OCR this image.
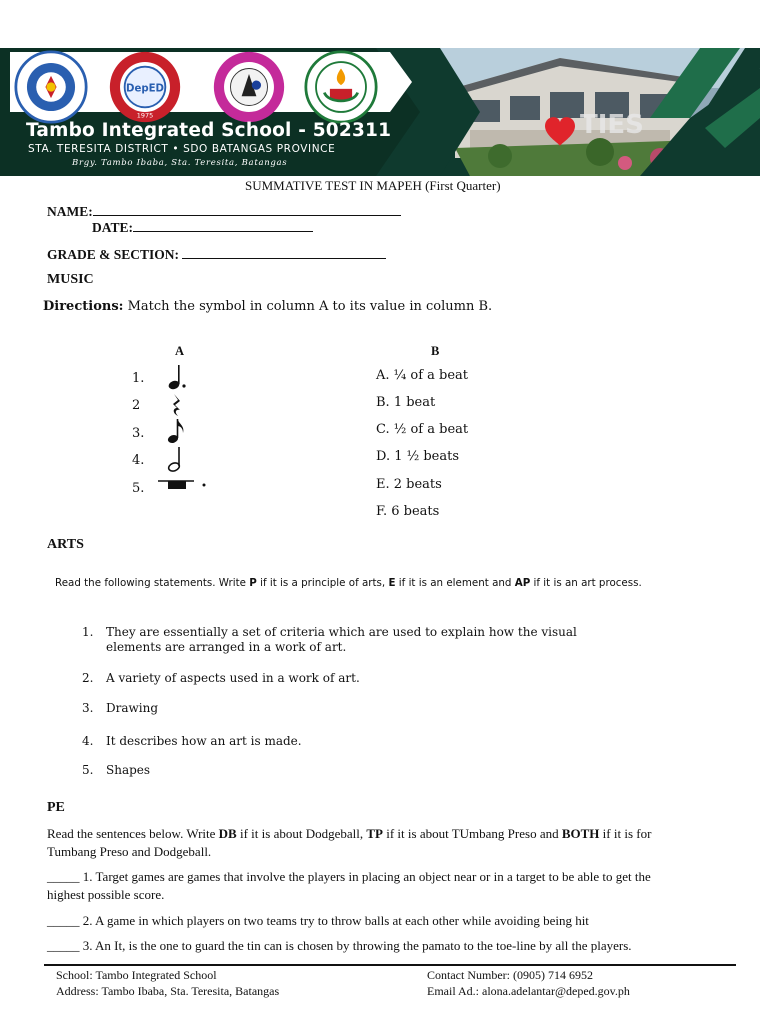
TIES
DepED
1975
Tambo Integrated School - 502311
STA. TERESITA DISTRICT • SDO BATANGAS PROVINCE
Brgy. Tambo Ibaba, Sta. Teresita, Batangas
SUMMATIVE TEST IN MAPEH (First Quarter)
NAME:
DATE:
GRADE & SECTION:
MUSIC
Directions: Match the symbol in column A to its value in column B.
A	B
1.
2
3.
4.
5.
A. ¼ of a beat
B. 1 beat
C. ½ of a beat
D. 1 ½ beats
E. 2 beats
F. 6 beats
ARTS
Read the following statements. Write P if it is a principle of arts, E if it is an element and AP if it is an art process.
1. They are essentially a set of criteria which are used to explain how the visual
elements are arranged in a work of art.
2. A variety of aspects used in a work of art.
3. Drawing
4. It describes how an art is made.
5. Shapes
PE
Read the sentences below. Write DB if it is about Dodgeball, TP if it is about TUmbang Preso and BOTH if it is for
Tumbang Preso and Dodgeball.
_____ 1. Target games are games that involve the players in placing an object near or in a target to be able to get the
highest possible score.
_____ 2. A game in which players on two teams try to throw balls at each other while avoiding being hit
_____ 3. An It, is the one to guard the tin can is chosen by throwing the pamato to the toe-line by all the players.
School: Tambo Integrated School
Address: Tambo Ibaba, Sta. Teresita, Batangas
Contact Number: (0905) 714 6952
Email Ad.: alona.adelantar@deped.gov.ph
